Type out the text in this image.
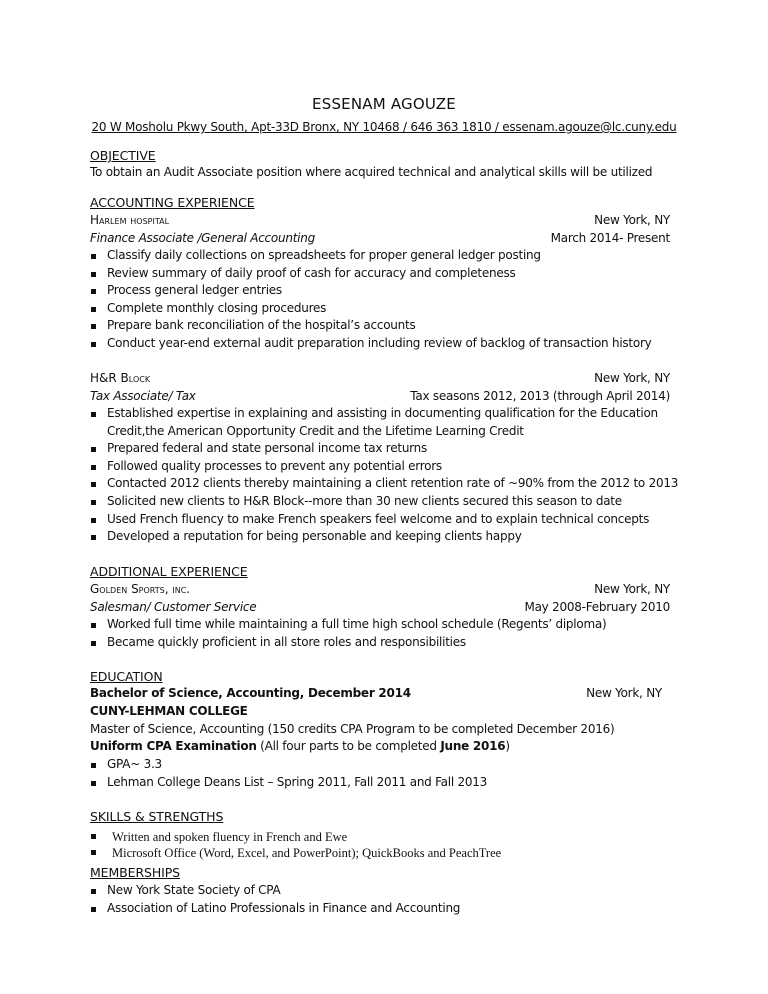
ESSENAM AGOUZE
20 W Mosholu Pkwy South, Apt-33D Bronx, NY 10468 / 646 363 1810 / essenam.agouze@lc.cuny.edu
OBJECTIVE
To obtain an Audit Associate position where acquired technical and analytical skills will be utilized
ACCOUNTING EXPERIENCE
Harlem hospital	New York, NY
Finance Associate /General Accounting	March 2014- Present
Classify daily collections on spreadsheets for proper general ledger posting
Review summary of daily proof of cash for accuracy and completeness
Process general ledger entries
Complete monthly closing procedures
Prepare bank reconciliation of the hospital’s accounts
Conduct year-end external audit preparation including review of backlog of transaction history
H&R Block	New York, NY
Tax Associate/ Tax	Tax seasons 2012, 2013 (through April 2014)
Established expertise in explaining and assisting in documenting qualification for the Education Credit,the American Opportunity Credit and the Lifetime Learning Credit
Prepared federal and state personal income tax returns
Followed quality processes to prevent any potential errors
Contacted 2012 clients thereby maintaining a client retention rate of ~90% from the 2012 to 2013
Solicited new clients to H&R Block--more than 30 new clients secured this season to date
Used French fluency to make French speakers feel welcome and to explain technical concepts
Developed a reputation for being personable and keeping clients happy
ADDITIONAL EXPERIENCE
Golden Sports, inc.	New York, NY
Salesman/ Customer Service	May 2008-February 2010
Worked full time while maintaining a full time high school schedule (Regents’ diploma)
Became quickly proficient in all store roles and responsibilities
EDUCATION
Bachelor of Science, Accounting, December 2014	New York, NY
CUNY-LEHMAN COLLEGE
Master of Science, Accounting (150 credits CPA Program to be completed December 2016)
Uniform CPA Examination (All four parts to be completed June 2016)
GPA~ 3.3
Lehman College Deans List – Spring 2011, Fall 2011 and Fall 2013
SKILLS & STRENGTHS
Written and spoken fluency in French and Ewe
Microsoft Office (Word, Excel, and PowerPoint); QuickBooks and PeachTree
MEMBERSHIPS
New York State Society of CPA
Association of Latino Professionals in Finance and Accounting
